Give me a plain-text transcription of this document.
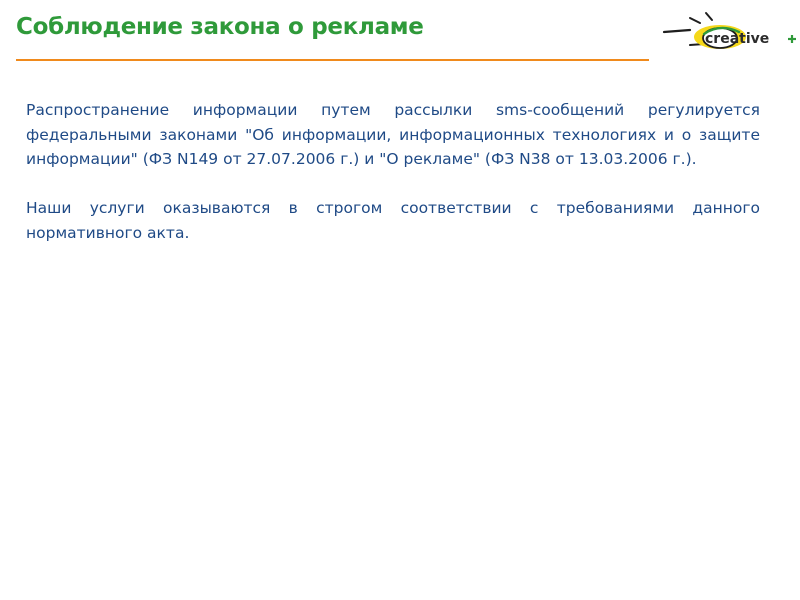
Соблюдение закона о рекламе	creative

Распространение информации путем рассылки sms-сообщений регулируется федеральными законами "Об информации, информационных технологиях и о защите информации" (ФЗ N149 от 27.07.2006 г.) и "О рекламе" (ФЗ N38 от 13.03.2006 г.).

Наши услуги оказываются в строгом соответствии с требованиями данного нормативного акта.
